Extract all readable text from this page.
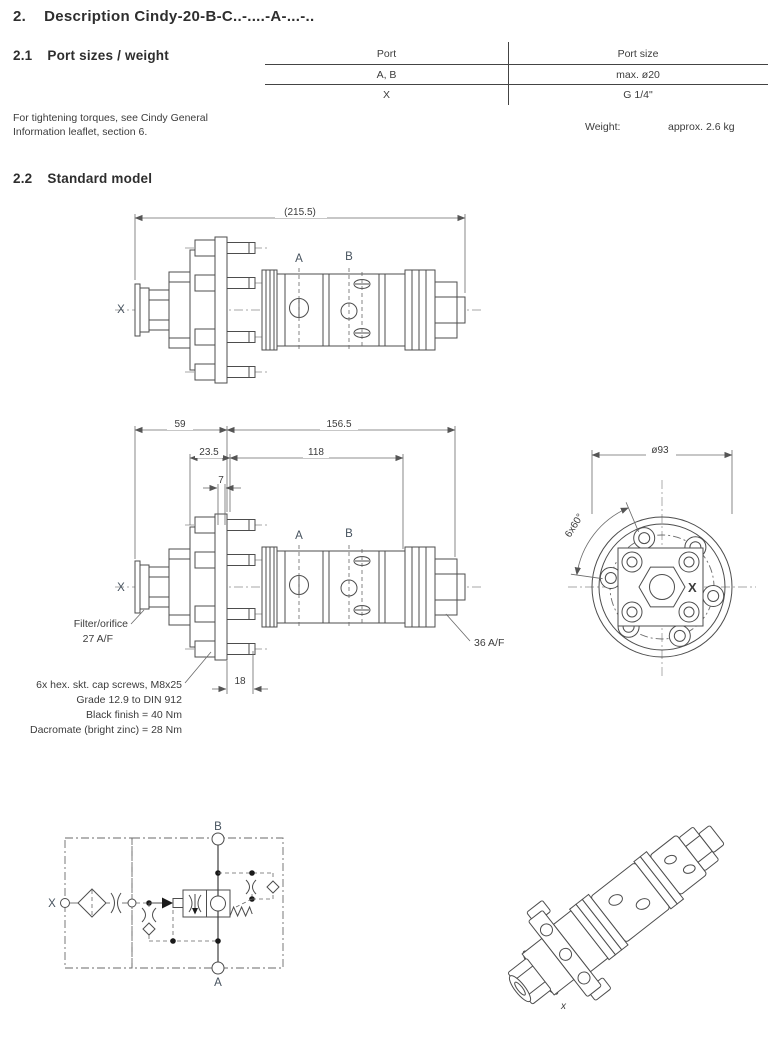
2. Description Cindy-20-B-C..-....-A-...-..
2.1 Port sizes / weight	Port	Port size
A, B	max. ø20
X	G 1/4"
For tightening torques, see Cindy General
Information leaflet, section 6.	Weight:	approx. 2.6 kg
2.2 Standard model
(215.5)
X
A	B
59	156.5
23.5	118
7
18
X
A	B
Filter/orifice
27 A/F
6x hex. skt. cap screws, M8x25
Grade 12.9 to DIN 912
Black finish = 40 Nm
Dacromate (bright zinc) = 28 Nm
36 A/F
ø93
6x60°
X
X
B
A
x
